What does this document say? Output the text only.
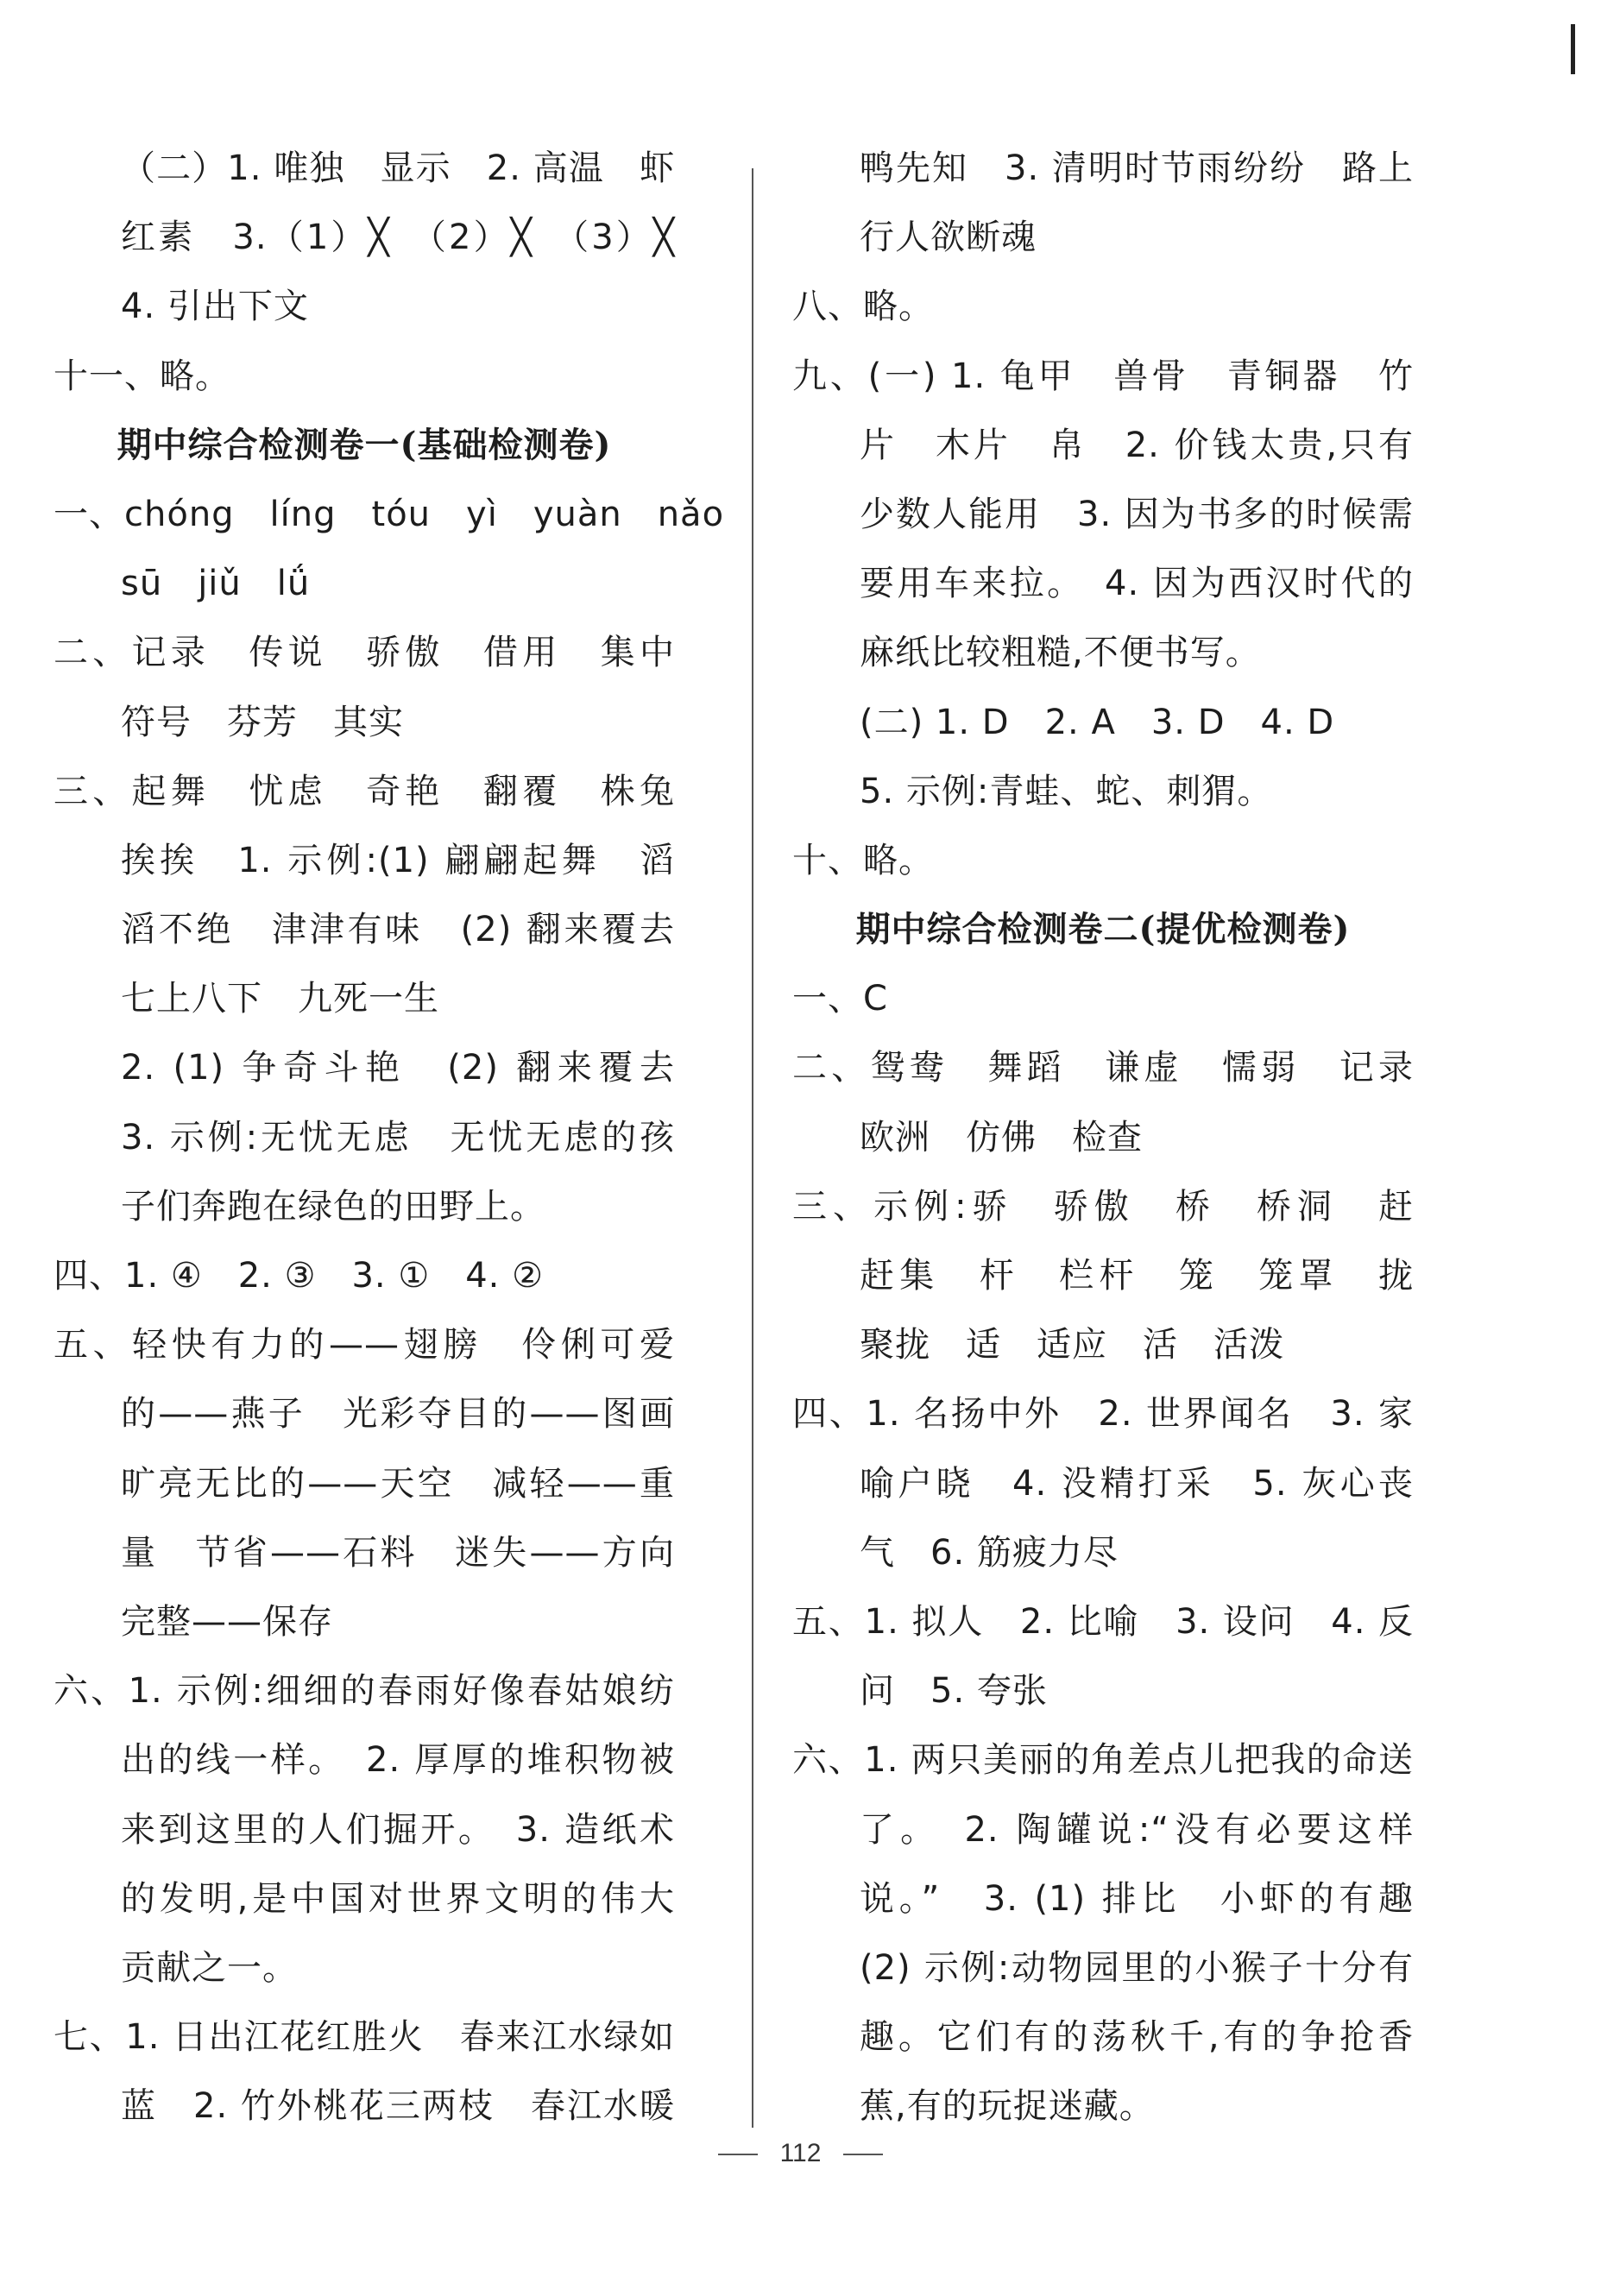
（二）1. 唯独　显示　2. 高温　虾
红素　3.（1）╳　（2）╳　（3）╳
4. 引出下文
十一、略。
期中综合检测卷一(基础检测卷)
一、chóng　líng　tóu　yì　yuàn　nǎo
sū　jiǔ　lǘ
二、记录　传说　骄傲　借用　集中
符号　芬芳　其实
三、起舞　忧虑　奇艳　翻覆　株兔
挨挨　1. 示例:(1) 翩翩起舞　滔
滔不绝　津津有味　(2) 翻来覆去
七上八下　九死一生
2. (1) 争奇斗艳　(2) 翻来覆去
3. 示例:无忧无虑　无忧无虑的孩
子们奔跑在绿色的田野上。
四、1. ④　2. ③　3. ①　4. ②
五、轻快有力的——翅膀　伶俐可爱
的——燕子　光彩夺目的——图画
旷亮无比的——天空　减轻——重
量　节省——石料　迷失——方向
完整——保存
六、1. 示例:细细的春雨好像春姑娘纺
出的线一样。　2. 厚厚的堆积物被
来到这里的人们掘开。　3. 造纸术
的发明,是中国对世界文明的伟大
贡献之一。
七、1. 日出江花红胜火　春来江水绿如
蓝　2. 竹外桃花三两枝　春江水暖
鸭先知　3. 清明时节雨纷纷　路上
行人欲断魂
八、略。
九、(一) 1. 龟甲　兽骨　青铜器　竹
片　木片　帛　2. 价钱太贵,只有
少数人能用　3. 因为书多的时候需
要用车来拉。　4. 因为西汉时代的
麻纸比较粗糙,不便书写。
(二) 1. D　2. A　3. D　4. D
5. 示例:青蛙、蛇、刺猬。
十、略。
期中综合检测卷二(提优检测卷)
一、C
二、鸳鸯　舞蹈　谦虚　懦弱　记录
欧洲　仿佛　检查
三、示例:骄　骄傲　桥　桥洞　赶
赶集　杆　栏杆　笼　笼罩　拢
聚拢　适　适应　活　活泼
四、1. 名扬中外　2. 世界闻名　3. 家
喻户晓　4. 没精打采　5. 灰心丧
气　6. 筋疲力尽
五、1. 拟人　2. 比喻　3. 设问　4. 反
问　5. 夸张
六、1. 两只美丽的角差点儿把我的命送
了。　2. 陶罐说:“没有必要这样
说。”　3. (1) 排比　小虾的有趣
(2) 示例:动物园里的小猴子十分有
趣。它们有的荡秋千,有的争抢香
蕉,有的玩捉迷藏。
112
